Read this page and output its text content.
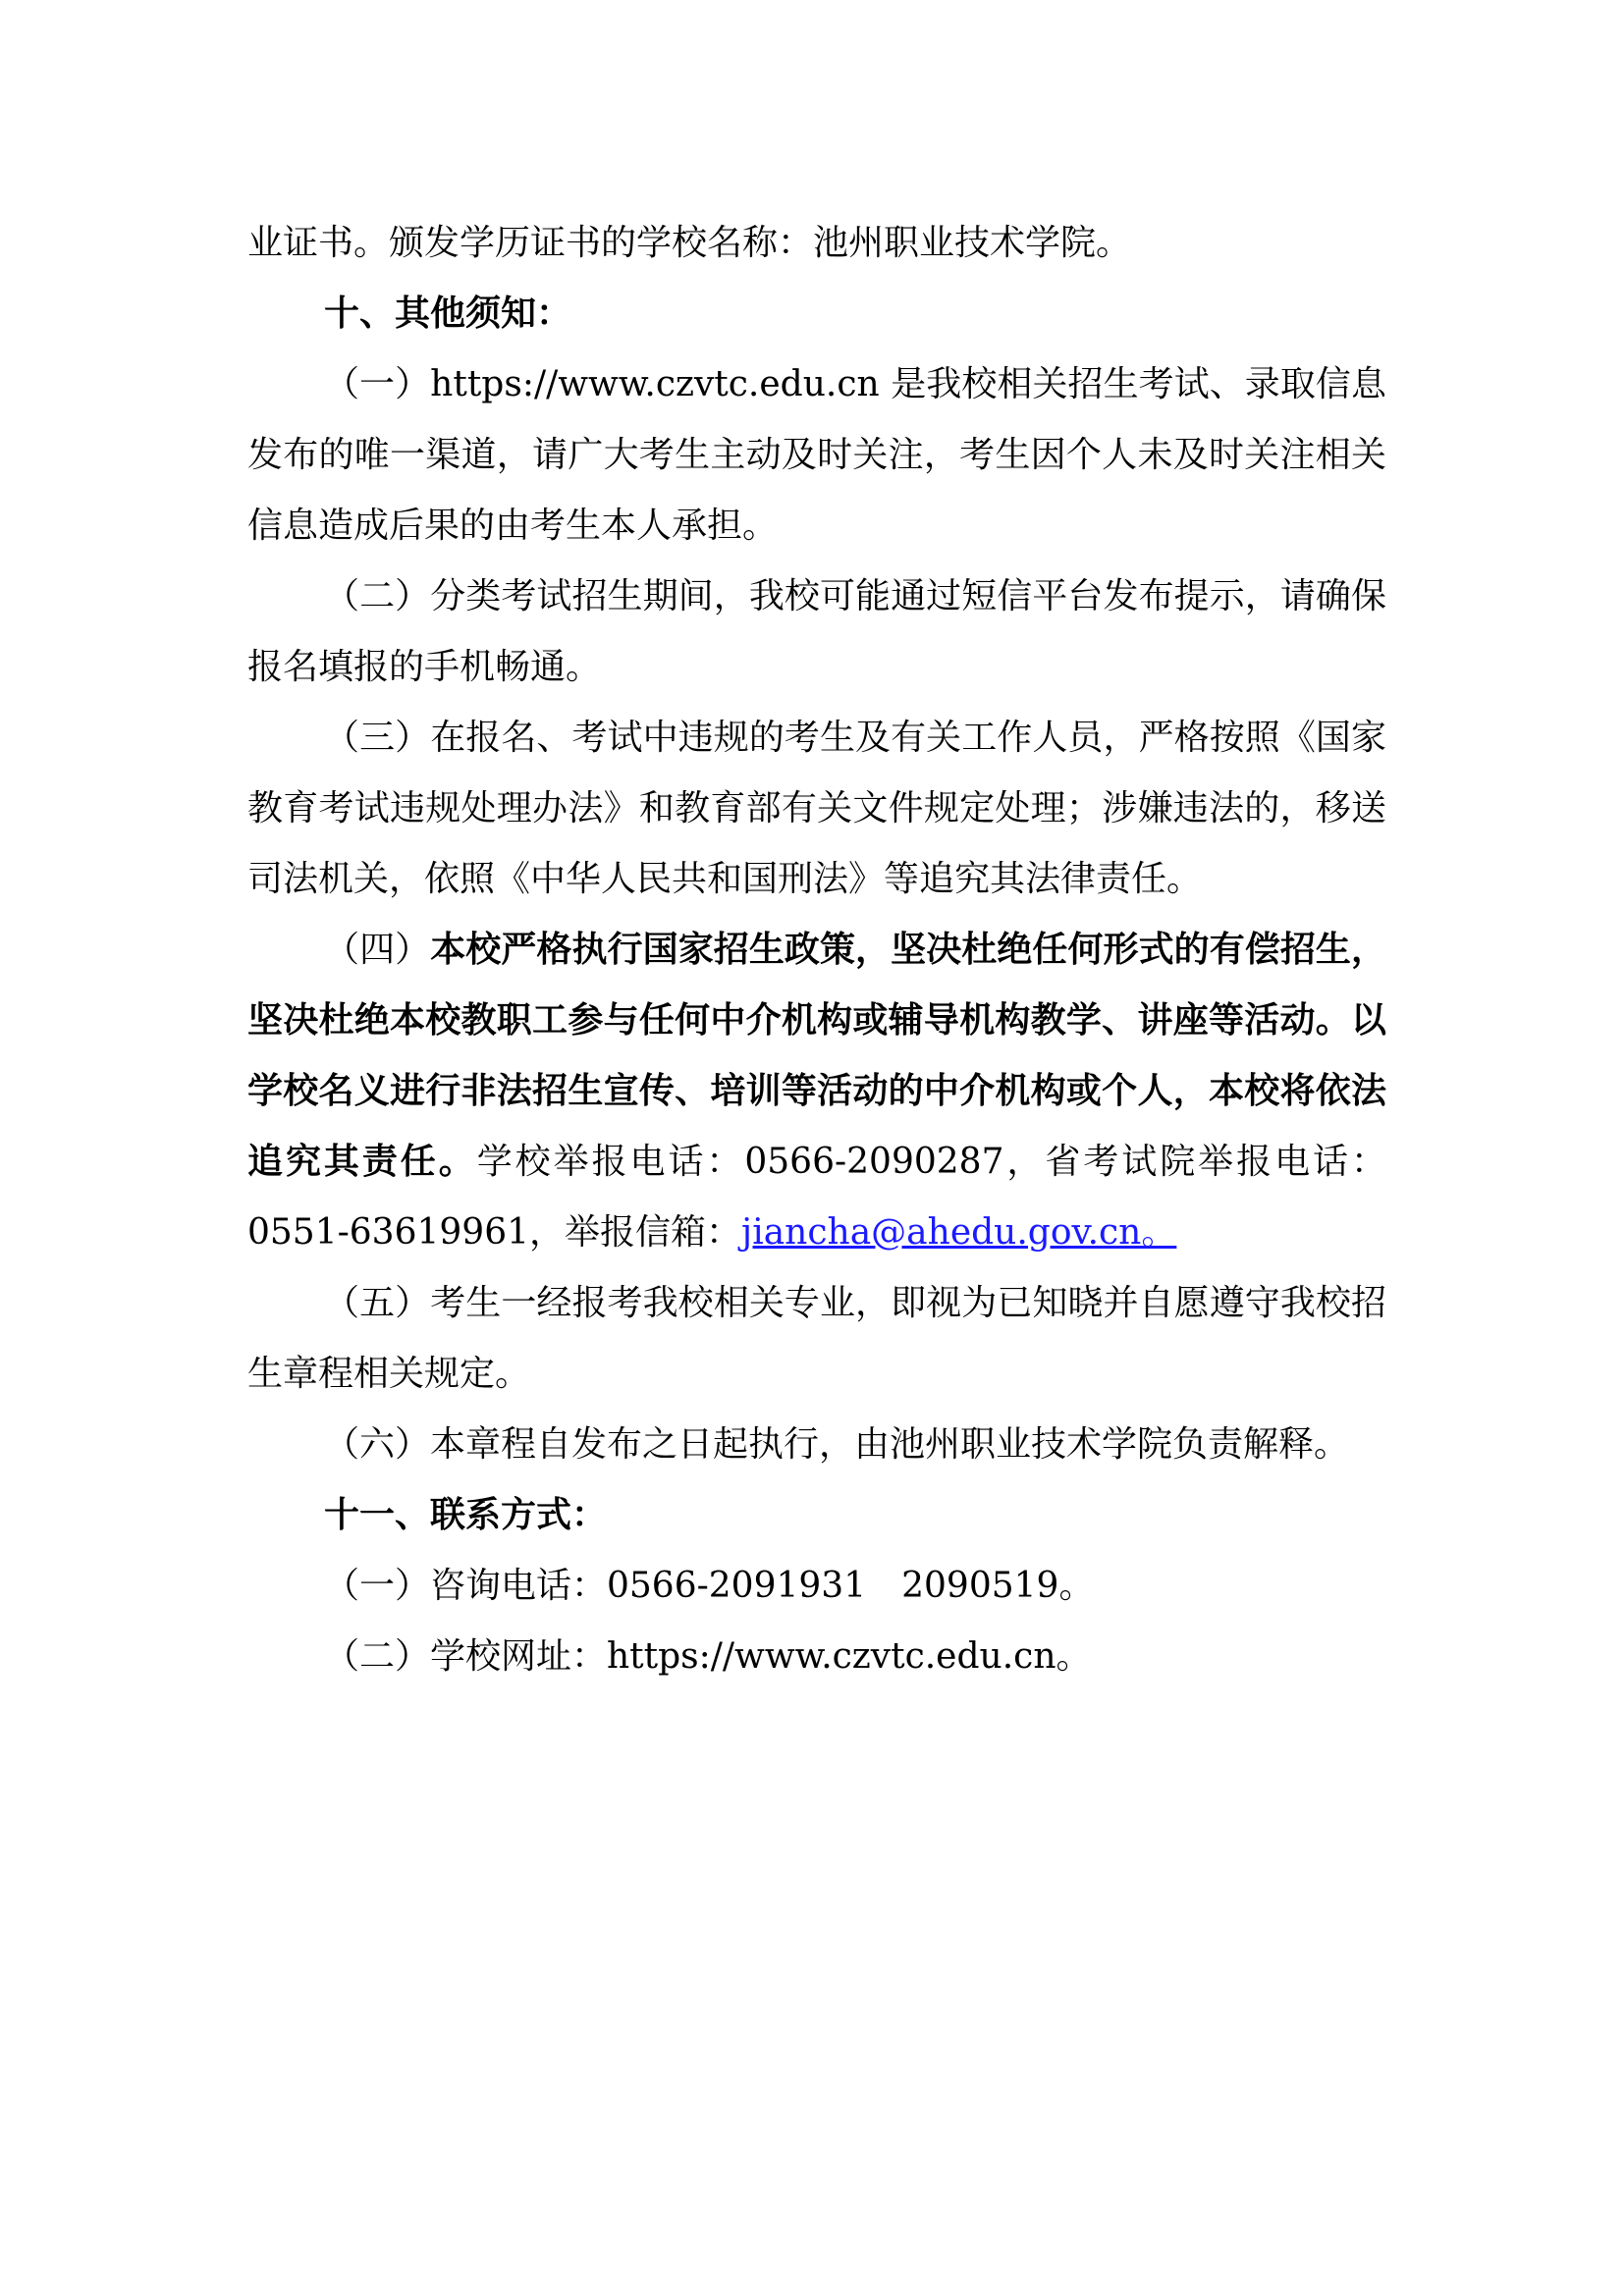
业证书。颁发学历证书的学校名称：池州职业技术学院。

十、其他须知：

（一）https://www.czvtc.edu.cn 是我校相关招生考试、录取信息发布的唯一渠道，请广大考生主动及时关注，考生因个人未及时关注相关信息造成后果的由考生本人承担。

（二）分类考试招生期间，我校可能通过短信平台发布提示，请确保报名填报的手机畅通。

（三）在报名、考试中违规的考生及有关工作人员，严格按照《国家教育考试违规处理办法》和教育部有关文件规定处理；涉嫌违法的，移送司法机关，依照《中华人民共和国刑法》等追究其法律责任。

（四）本校严格执行国家招生政策，坚决杜绝任何形式的有偿招生，坚决杜绝本校教职工参与任何中介机构或辅导机构教学、讲座等活动。以学校名义进行非法招生宣传、培训等活动的中介机构或个人，本校将依法追究其责任。学校举报电话：0566-2090287，省考试院举报电话：0551-63619961，举报信箱：jiancha@ahedu.gov.cn。

（五）考生一经报考我校相关专业，即视为已知晓并自愿遵守我校招生章程相关规定。

（六）本章程自发布之日起执行，由池州职业技术学院负责解释。

十一、联系方式：

（一）咨询电话：0566-2091931　2090519。

（二）学校网址：https://www.czvtc.edu.cn。
